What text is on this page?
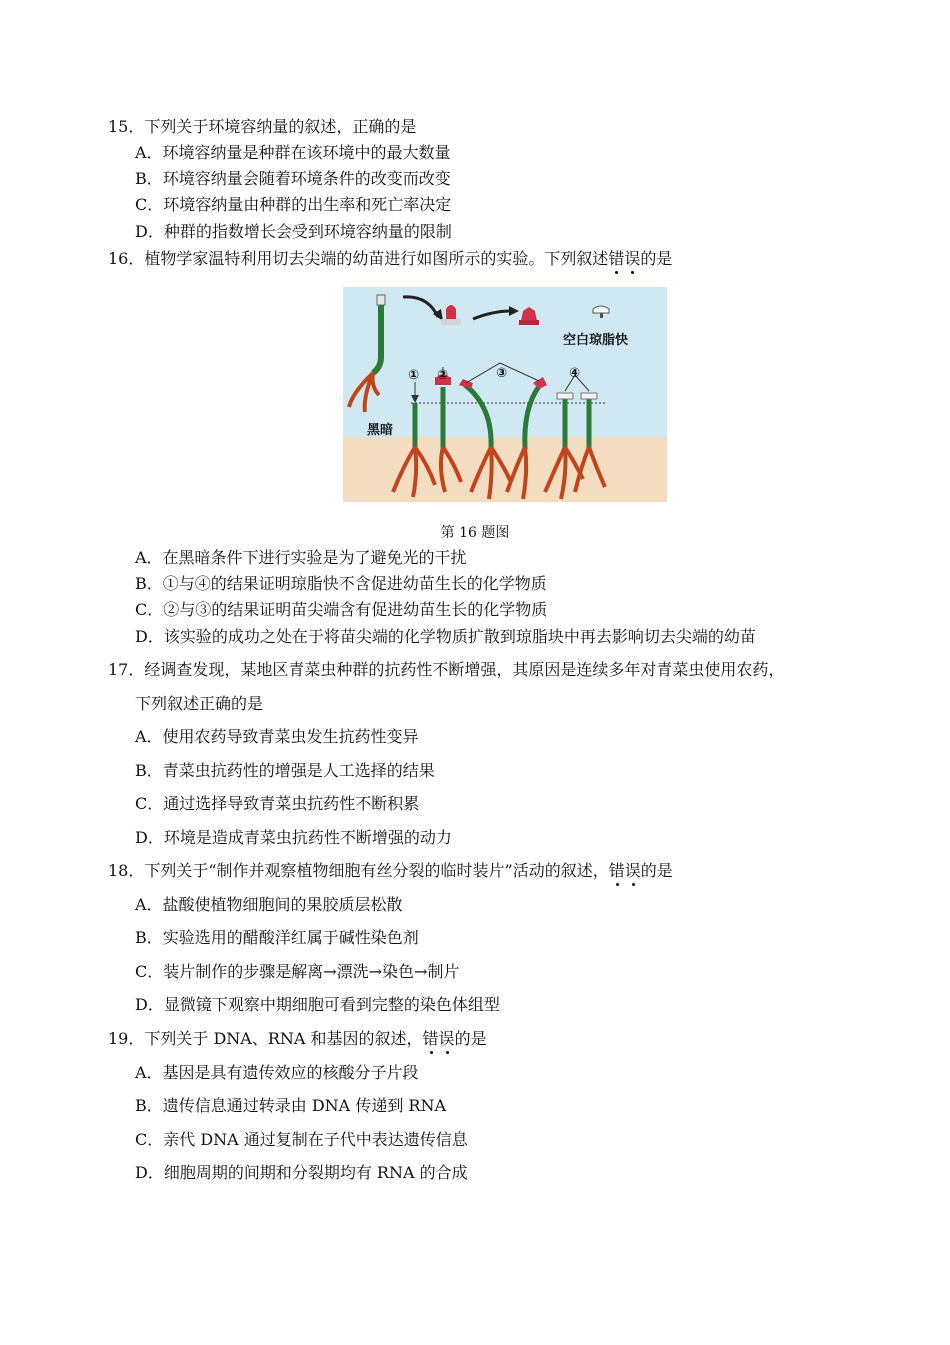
15．下列关于环境容纳量的叙述，正确的是
A．环境容纳量是种群在该环境中的最大数量
B．环境容纳量会随着环境条件的改变而改变
C．环境容纳量由种群的出生率和死亡率决定
D．种群的指数增长会受到环境容纳量的限制
16．植物学家温特利用切去尖端的幼苗进行如图所示的实验。下列叙述错误的是
① ②	③	④
空白琼脂快
黑暗
第 16 题图
A．在黑暗条件下进行实验是为了避免光的干扰
B．①与④的结果证明琼脂快不含促进幼苗生长的化学物质
C．②与③的结果证明苗尖端含有促进幼苗生长的化学物质
D．该实验的成功之处在于将苗尖端的化学物质扩散到琼脂块中再去影响切去尖端的幼苗
17．经调查发现，某地区青菜虫种群的抗药性不断增强，其原因是连续多年对青菜虫使用农药，
下列叙述正确的是
A．使用农药导致青菜虫发生抗药性变异
B．青菜虫抗药性的增强是人工选择的结果
C．通过选择导致青菜虫抗药性不断积累
D．环境是造成青菜虫抗药性不断增强的动力
18．下列关于“制作并观察植物细胞有丝分裂的临时装片”活动的叙述，错误的是
A．盐酸使植物细胞间的果胶质层松散
B．实验选用的醋酸洋红属于碱性染色剂
C．装片制作的步骤是解离→漂洗→染色→制片
D．显微镜下观察中期细胞可看到完整的染色体组型
19．下列关于 DNA、RNA 和基因的叙述，错误的是
A．基因是具有遗传效应的核酸分子片段
B．遗传信息通过转录由 DNA 传递到 RNA
C．亲代 DNA 通过复制在子代中表达遗传信息
D．细胞周期的间期和分裂期均有 RNA 的合成
